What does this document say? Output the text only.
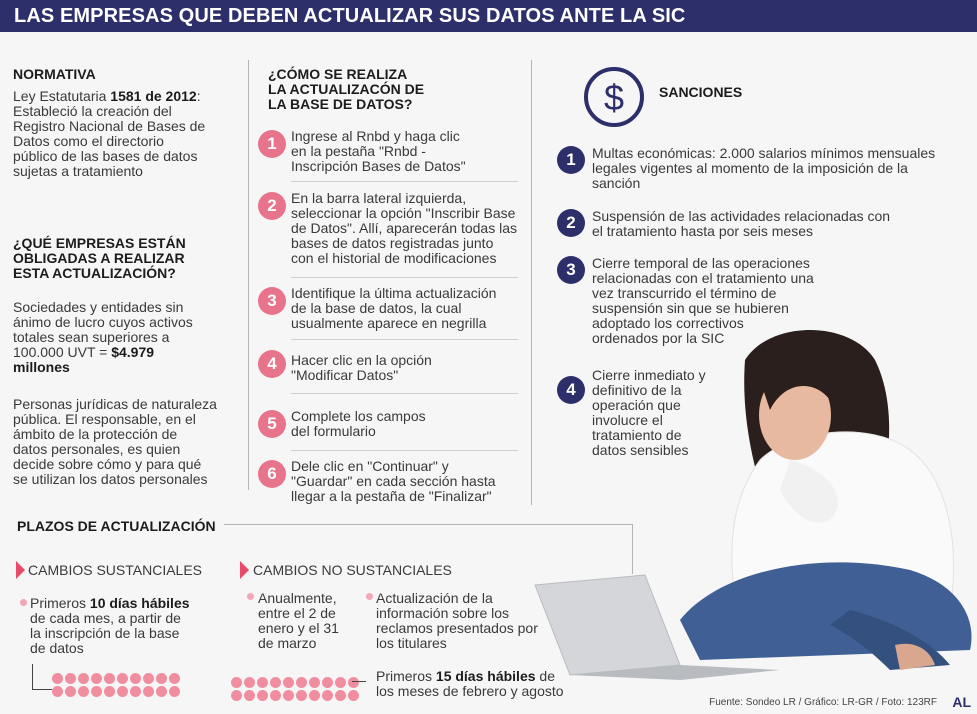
LAS EMPRESAS QUE DEBEN ACTUALIZAR SUS DATOS ANTE LA SIC
NORMATIVA
Ley Estatutaria 1581 de 2012:
Estableció la creación del
Registro Nacional de Bases de
Datos como el directorio
público de las bases de datos
sujetas a tratamiento
¿QUÉ EMPRESAS ESTÁN
OBLIGADAS A REALIZAR
ESTA ACTUALIZACIÓN?
Sociedades y entidades sin
ánimo de lucro cuyos activos
totales sean superiores a
100.000 UVT = $4.979
millones
Personas jurídicas de naturaleza
pública. El responsable, en el
ámbito de la protección de
datos personales, es quien
decide sobre cómo y para qué
se utilizan los datos personales
¿CÓMO SE REALIZA
LA ACTUALIZACÓN DE
LA BASE DE DATOS?
1	Ingrese al Rnbd y haga clic
en la pestaña "Rnbd -
Inscripción Bases de Datos"
2	En la barra lateral izquierda,
seleccionar la opción "Inscribir Base
de Datos". Allí, aparecerán todas las
bases de datos registradas junto
con el historial de modificaciones
3	Identifique la última actualización
de la base de datos, la cual
usualmente aparece en negrilla
4	Hacer clic en la opción
"Modificar Datos"
5	Complete los campos
del formulario
6	Dele clic en "Continuar" y
"Guardar" en cada sección hasta
llegar a la pestaña de "Finalizar"
$ SANCIONES
1	Multas económicas: 2.000 salarios mínimos mensuales
legales vigentes al momento de la imposición de la
sanción
2	Suspensión de las actividades relacionadas con
el tratamiento hasta por seis meses
3	Cierre temporal de las operaciones
relacionadas con el tratamiento una
vez transcurrido el término de
suspensión sin que se hubieren
adoptado los correctivos
ordenados por la SIC
4
Cierre inmediato y
definitivo de la
operación que
involucre el
tratamiento de
datos sensibles
PLAZOS DE ACTUALIZACIÓN
CAMBIOS SUSTANCIALES	CAMBIOS NO SUSTANCIALES
Primeros 10 días hábiles
de cada mes, a partir de
la inscripción de la base
de datos
Anualmente,
entre el 2 de
enero y el 31
de marzo
Actualización de la
información sobre los
reclamos presentados por
los titulares
Primeros 15 días hábiles de
los meses de febrero y agosto
Fuente: Sondeo LR / Gráfico: LR-GR / Foto: 123RF AL
